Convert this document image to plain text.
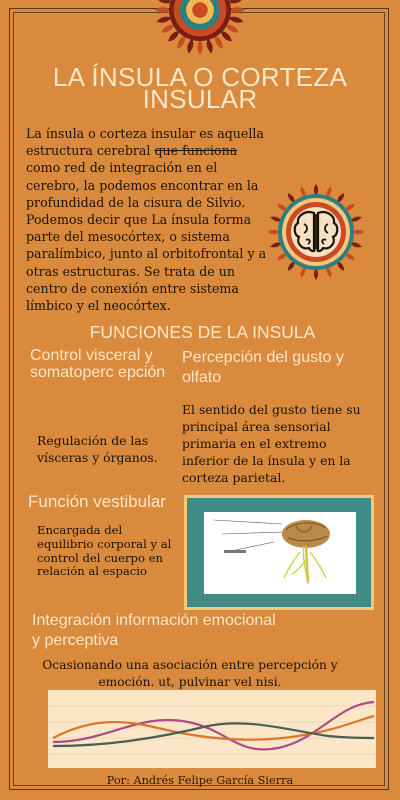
LA ÍNSULA O CORTEZA INSULAR
La ínsula o corteza insular es aquella estructura cerebral que funciona como red de integración en el cerebro, la podemos encontrar en la profundidad de la cisura de Silvio. Podemos decir que La ínsula forma parte del mesocórtex, o sistema paralímbico, junto al orbitofrontal y a otras estructuras. Se trata de un centro de conexión entre sistema límbico y el neocórtex.
FUNCIONES DE LA INSULA
Control visceral y somatoperc epción
Regulación de las vísceras y órganos.
Percepción del gusto y olfato
El sentido del gusto tiene su principal área sensorial primaria en el extremo inferior de la ínsula y en la corteza parietal.
Función vestibular
Encargada del equilibrio corporal y al control del cuerpo en relación al espacio
Integración información emocional y perceptiva
Ocasionando una asociación entre percepción y emoción. ut, pulvinar vel nisi.
Por: Andrés Felipe García Sierra
